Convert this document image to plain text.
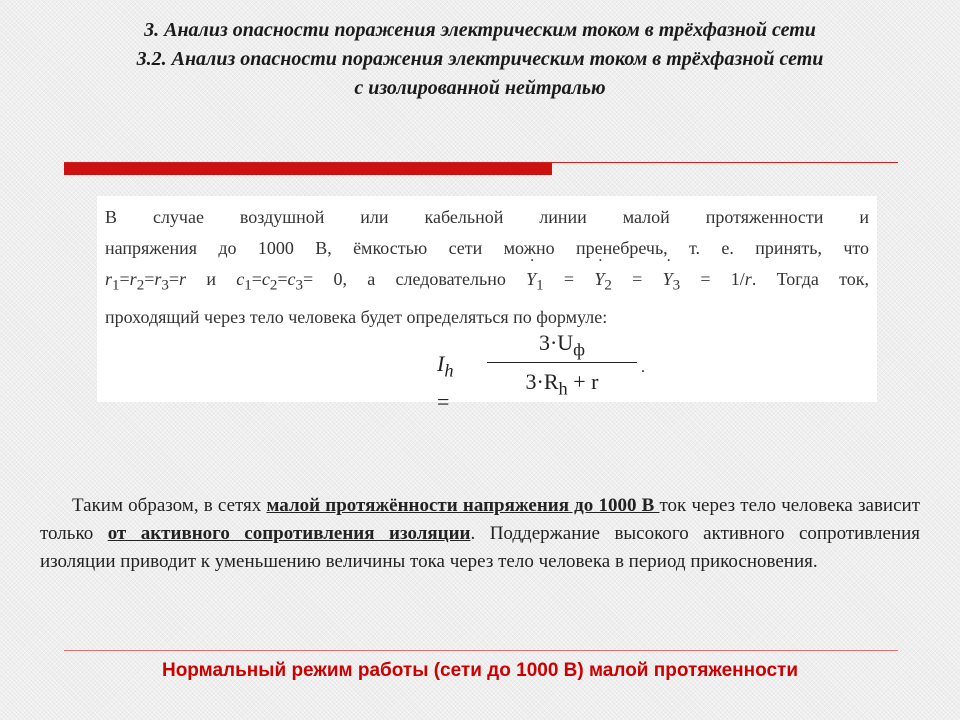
3. Анализ опасности поражения электрическим током в трёхфазной сети
3.2. Анализ опасности поражения электрическим током в трёхфазной сети
с изолированной нейтралью
В случае воздушной или кабельной линии малой протяженности и
напряжения до 1000 В, ёмкостью сети можно пренебречь, т. е. принять, что
$r_1=r_2=r_3=r$ и $c_1=c_2=c_3= 0$, а следовательно ˙ $Y_1$ = ˙ $Y_2$ = ˙ $Y_3 = 1/r$. Тогда ток,
проходящий через тело человека будет определяться по формуле:
$I_h$ =
$3\cdot U_ф$
$3\cdot R_h + r$
.

Таким образом, в сетях малой протяжённости напряжения до 1000 В ток через тело человека зависит только от активного сопротивления изоляции. Поддержание высокого активного сопротивления изоляции приводит к уменьшению величины тока через тело человека в период прикосновения.

Нормальный режим работы (сети до 1000 В) малой протяженности
